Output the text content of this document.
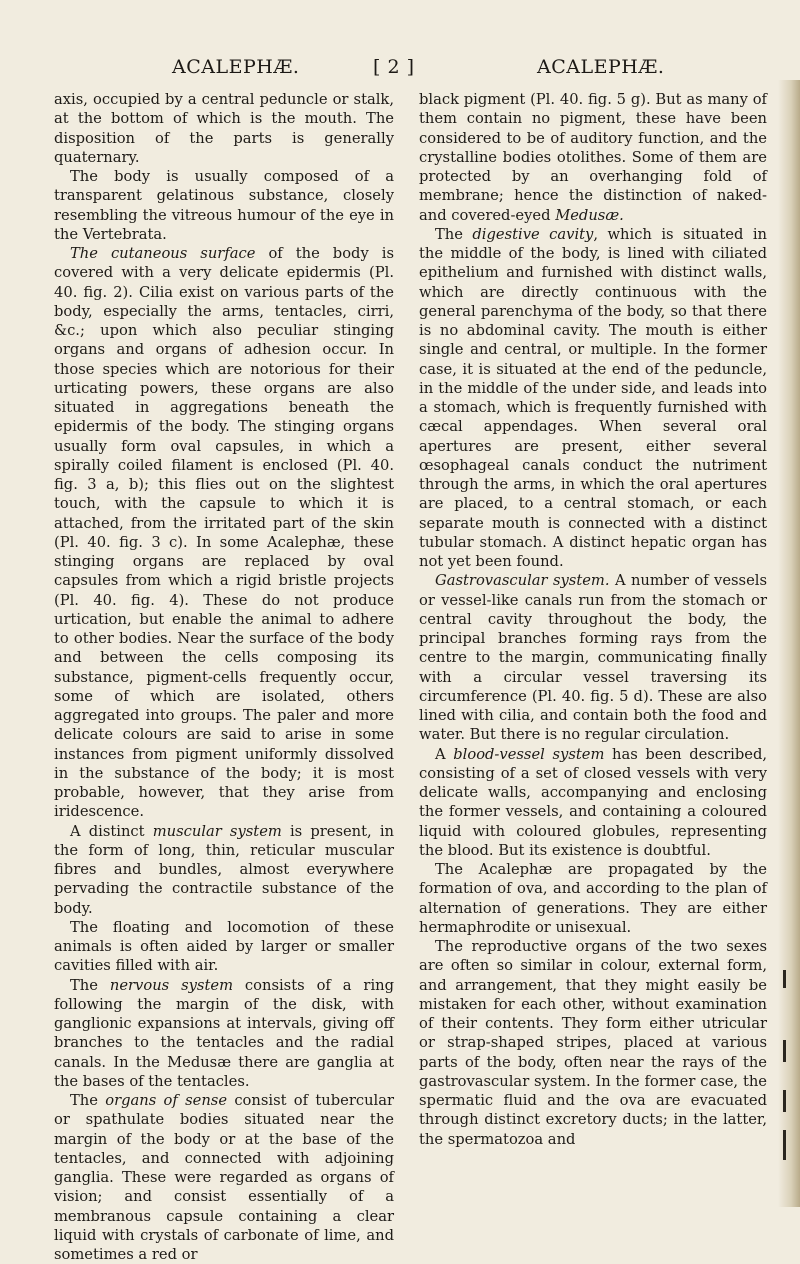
ACALEPHÆ.	[ 2 ]	ACALEPHÆ.

axis, occupied by a central peduncle or stalk, at the bottom of which is the mouth. The disposition of the parts is generally quaternary.

The body is usually composed of a transparent gelatinous substance, closely resembling the vitreous humour of the eye in the Vertebrata.

The cutaneous surface of the body is covered with a very delicate epidermis (Pl. 40. fig. 2). Cilia exist on various parts of the body, especially the arms, tentacles, cirri, &c.; upon which also peculiar stinging organs and organs of adhesion occur. In those species which are notorious for their urticating powers, these organs are also situated in aggregations beneath the epidermis of the body. The stinging organs usually form oval capsules, in which a spirally coiled filament is enclosed (Pl. 40. fig. 3 a, b); this flies out on the slightest touch, with the capsule to which it is attached, from the irritated part of the skin (Pl. 40. fig. 3 c). In some Acalephæ, these stinging organs are replaced by oval capsules from which a rigid bristle projects (Pl. 40. fig. 4). These do not produce urtication, but enable the animal to adhere to other bodies. Near the surface of the body and between the cells composing its substance, pigment-cells frequently occur, some of which are isolated, others aggregated into groups. The paler and more delicate colours are said to arise in some instances from pigment uniformly dissolved in the substance of the body; it is most probable, however, that they arise from iridescence.

A distinct muscular system is present, in the form of long, thin, reticular muscular fibres and bundles, almost everywhere pervading the contractile substance of the body.

The floating and locomotion of these animals is often aided by larger or smaller cavities filled with air.

The nervous system consists of a ring following the margin of the disk, with ganglionic expansions at intervals, giving off branches to the tentacles and the radial canals. In the Medusæ there are ganglia at the bases of the tentacles.

The organs of sense consist of tubercular or spathulate bodies situated near the margin of the body or at the base of the tentacles, and connected with adjoining ganglia. These were regarded as organs of vision; and consist essentially of a membranous capsule containing a clear liquid with crystals of carbonate of lime, and sometimes a red or

black pigment (Pl. 40. fig. 5 g). But as many of them contain no pigment, these have been considered to be of auditory function, and the crystalline bodies otolithes. Some of them are protected by an overhanging fold of membrane; hence the distinction of naked- and covered-eyed Medusæ.

The digestive cavity, which is situated in the middle of the body, is lined with ciliated epithelium and furnished with distinct walls, which are directly continuous with the general parenchyma of the body, so that there is no abdominal cavity. The mouth is either single and central, or multiple. In the former case, it is situated at the end of the peduncle, in the middle of the under side, and leads into a stomach, which is frequently furnished with cæcal appendages. When several oral apertures are present, either several œsophageal canals conduct the nutriment through the arms, in which the oral apertures are placed, to a central stomach, or each separate mouth is connected with a distinct tubular stomach. A distinct hepatic organ has not yet been found.

Gastrovascular system. A number of vessels or vessel-like canals run from the stomach or central cavity throughout the body, the principal branches forming rays from the centre to the margin, communicating finally with a circular vessel traversing its circumference (Pl. 40. fig. 5 d). These are also lined with cilia, and contain both the food and water. But there is no regular circulation.

A blood-vessel system has been described, consisting of a set of closed vessels with very delicate walls, accompanying and enclosing the former vessels, and containing a coloured liquid with coloured globules, representing the blood. But its existence is doubtful.

The Acalephæ are propagated by the formation of ova, and according to the plan of alternation of generations. They are either hermaphrodite or unisexual.

The reproductive organs of the two sexes are often so similar in colour, external form, and arrangement, that they might easily be mistaken for each other, without examination of their contents. They form either utricular or strap-shaped stripes, placed at various parts of the body, often near the rays of the gastrovascular system. In the former case, the spermatic fluid and the ova are evacuated through distinct excretory ducts; in the latter, the spermatozoa and
